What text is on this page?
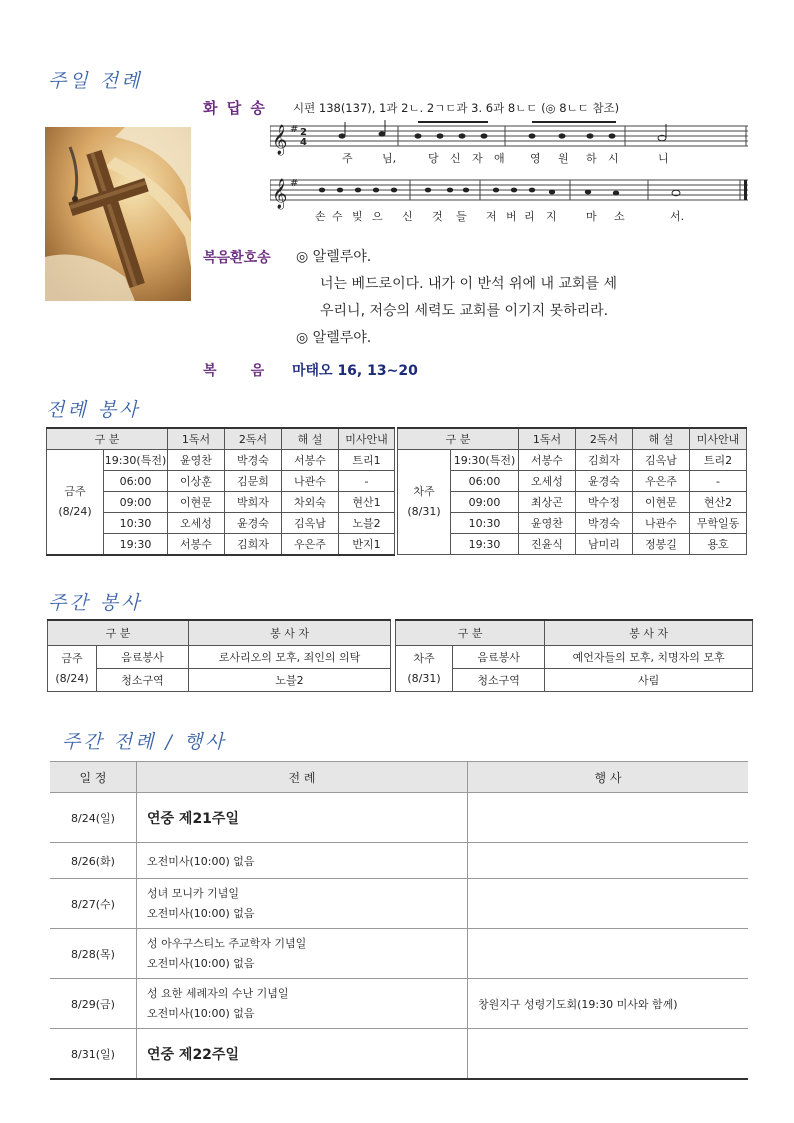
주일 전례
화 답 송 시편 138(137), 1과 2ㄴ. 2ㄱㄷ과 3. 6과 8ㄴㄷ (◎ 8ㄴㄷ 참조)
𝄞 # 2
4
주	님,	당 신 자 애 영 원 하 시	니
𝄞 #
손 수 빚 으 신 것 들 저 버 리 지	마 소	서.
복음환호송 ◎ 알렐루야.
너는 베드로이다. 내가 이 반석 위에 내 교회를 세
우리니, 저승의 세력도 교회를 이기지 못하리라.
◎ 알렐루야.
복       음 마태오 16, 13∼20
전례 봉사
구 분		1독서	2독서	해 설	미사안내

금주
(8/24)	19:30(특전)	윤영찬	박경숙	서봉수	트리1
	06:00	이상훈	김문희	나관수	-
	09:00	이현문	박희자	차외숙	현산1
	10:30	오세성	윤경숙	김옥남	노블2
	19:30	서봉수	김희자	우은주	반지1
구 분		1독서	2독서	해 설	미사안내

차주
(8/31)	19:30(특전)	서봉수	김희자	김옥남	트리2
	06:00	오세성	윤경숙	우은주	-
	09:00	최상곤	박수정	이현문	현산2
	10:30	윤영찬	박경숙	나관수	무학일동
	19:30	진윤식	남미리	정봉길	용호
주간 봉사
구 분		봉 사 자

금주
(8/24)	음료봉사	로사리오의 모후, 죄인의 의탁
	청소구역	노블2
구 분		봉 사 자

차주
(8/31)	음료봉사	예언자들의 모후, 치명자의 모후
	청소구역	사림
주간 전례 / 행사
일 정	전 례	행 사
8/24(일)	연중 제21주일	
8/26(화)	오전미사(10:00) 없음	
8/27(수)	성녀 모니카 기념일
오전미사(10:00) 없음	

8/28(목)	성 아우구스티노 주교학자 기념일
오전미사(10:00) 없음	

8/29(금)	성 요한 세례자의 수난 기념일
오전미사(10:00) 없음	창원지구 성령기도회(19:30 미사와 함께)
8/31(일)	연중 제22주일	
